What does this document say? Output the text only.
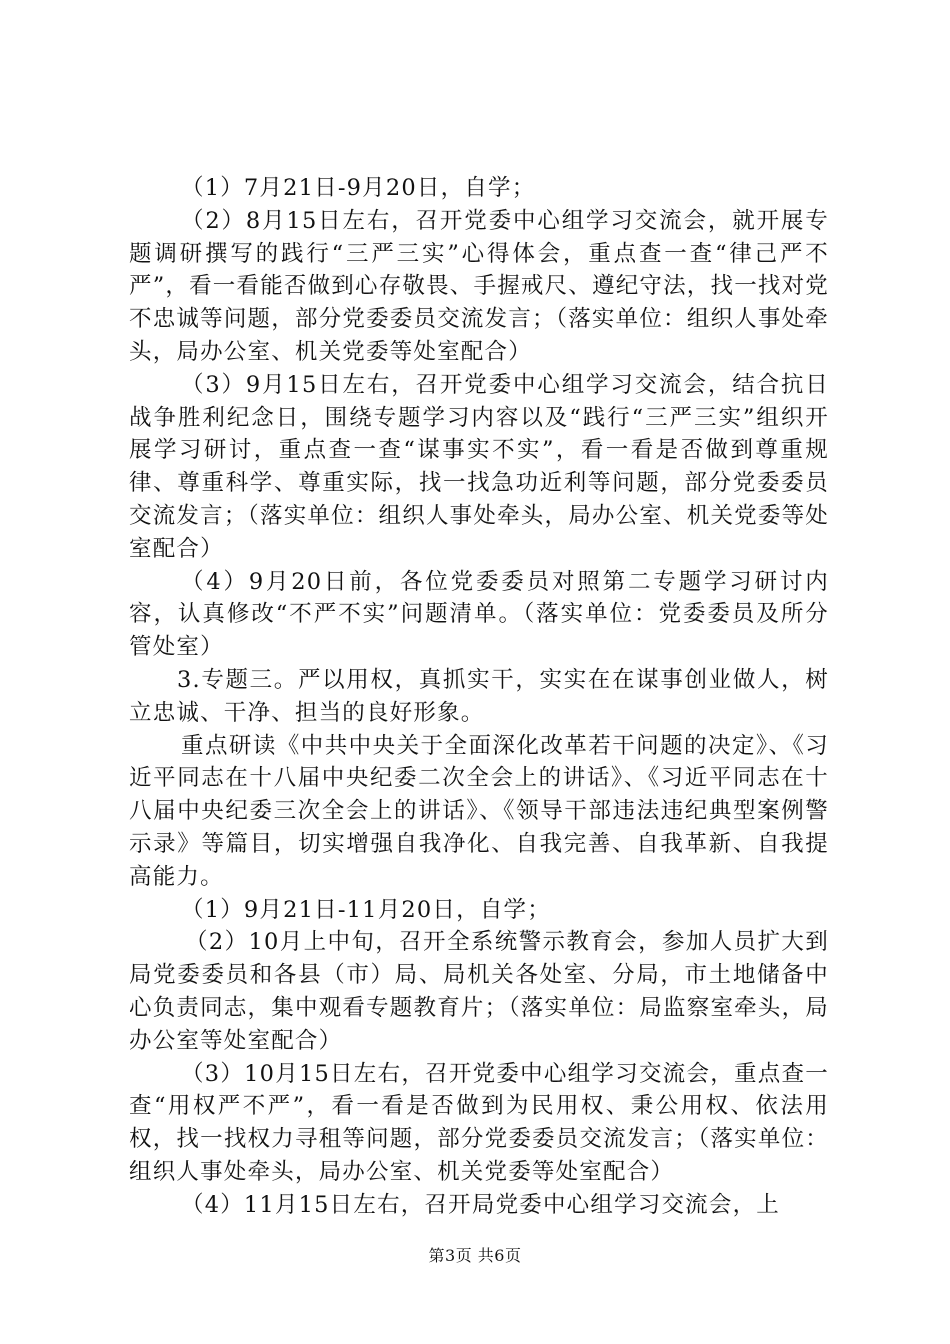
（1）7月21日-9月20日，自学；

（2）8月15日左右，召开党委中心组学习交流会，就开展专题调研撰写的践行“三严三实”心得体会，重点查一查“律己严不严”，看一看能否做到心存敬畏、手握戒尺、遵纪守法，找一找对党不忠诚等问题，部分党委委员交流发言；（落实单位：组织人事处牵头，局办公室、机关党委等处室配合）

（3）9月15日左右，召开党委中心组学习交流会，结合抗日战争胜利纪念日，围绕专题学习内容以及“践行“三严三实”组织开展学习研讨，重点查一查“谋事实不实”，看一看是否做到尊重规律、尊重科学、尊重实际，找一找急功近利等问题，部分党委委员交流发言；（落实单位：组织人事处牵头，局办公室、机关党委等处室配合）

（4）9月20日前，各位党委委员对照第二专题学习研讨内容，认真修改“不严不实”问题清单。（落实单位：党委委员及所分管处室）

3.专题三。严以用权，真抓实干，实实在在谋事创业做人，树立忠诚、干净、担当的良好形象。

重点研读《中共中央关于全面深化改革若干问题的决定》、《习近平同志在十八届中央纪委二次全会上的讲话》、《习近平同志在十八届中央纪委三次全会上的讲话》、《领导干部违法违纪典型案例警示录》等篇目，切实增强自我净化、自我完善、自我革新、自我提高能力。

（1）9月21日-11月20日，自学；

（2）10月上中旬，召开全系统警示教育会，参加人员扩大到局党委委员和各县（市）局、局机关各处室、分局，市土地储备中心负责同志，集中观看专题教育片；（落实单位：局监察室牵头，局办公室等处室配合）

（3）10月15日左右，召开党委中心组学习交流会，重点查一查“用权严不严”，看一看是否做到为民用权、秉公用权、依法用权，找一找权力寻租等问题，部分党委委员交流发言；（落实单位：组织人事处牵头，局办公室、机关党委等处室配合）

（4）11月15日左右，召开局党委中心组学习交流会，上

第3页 共6页
